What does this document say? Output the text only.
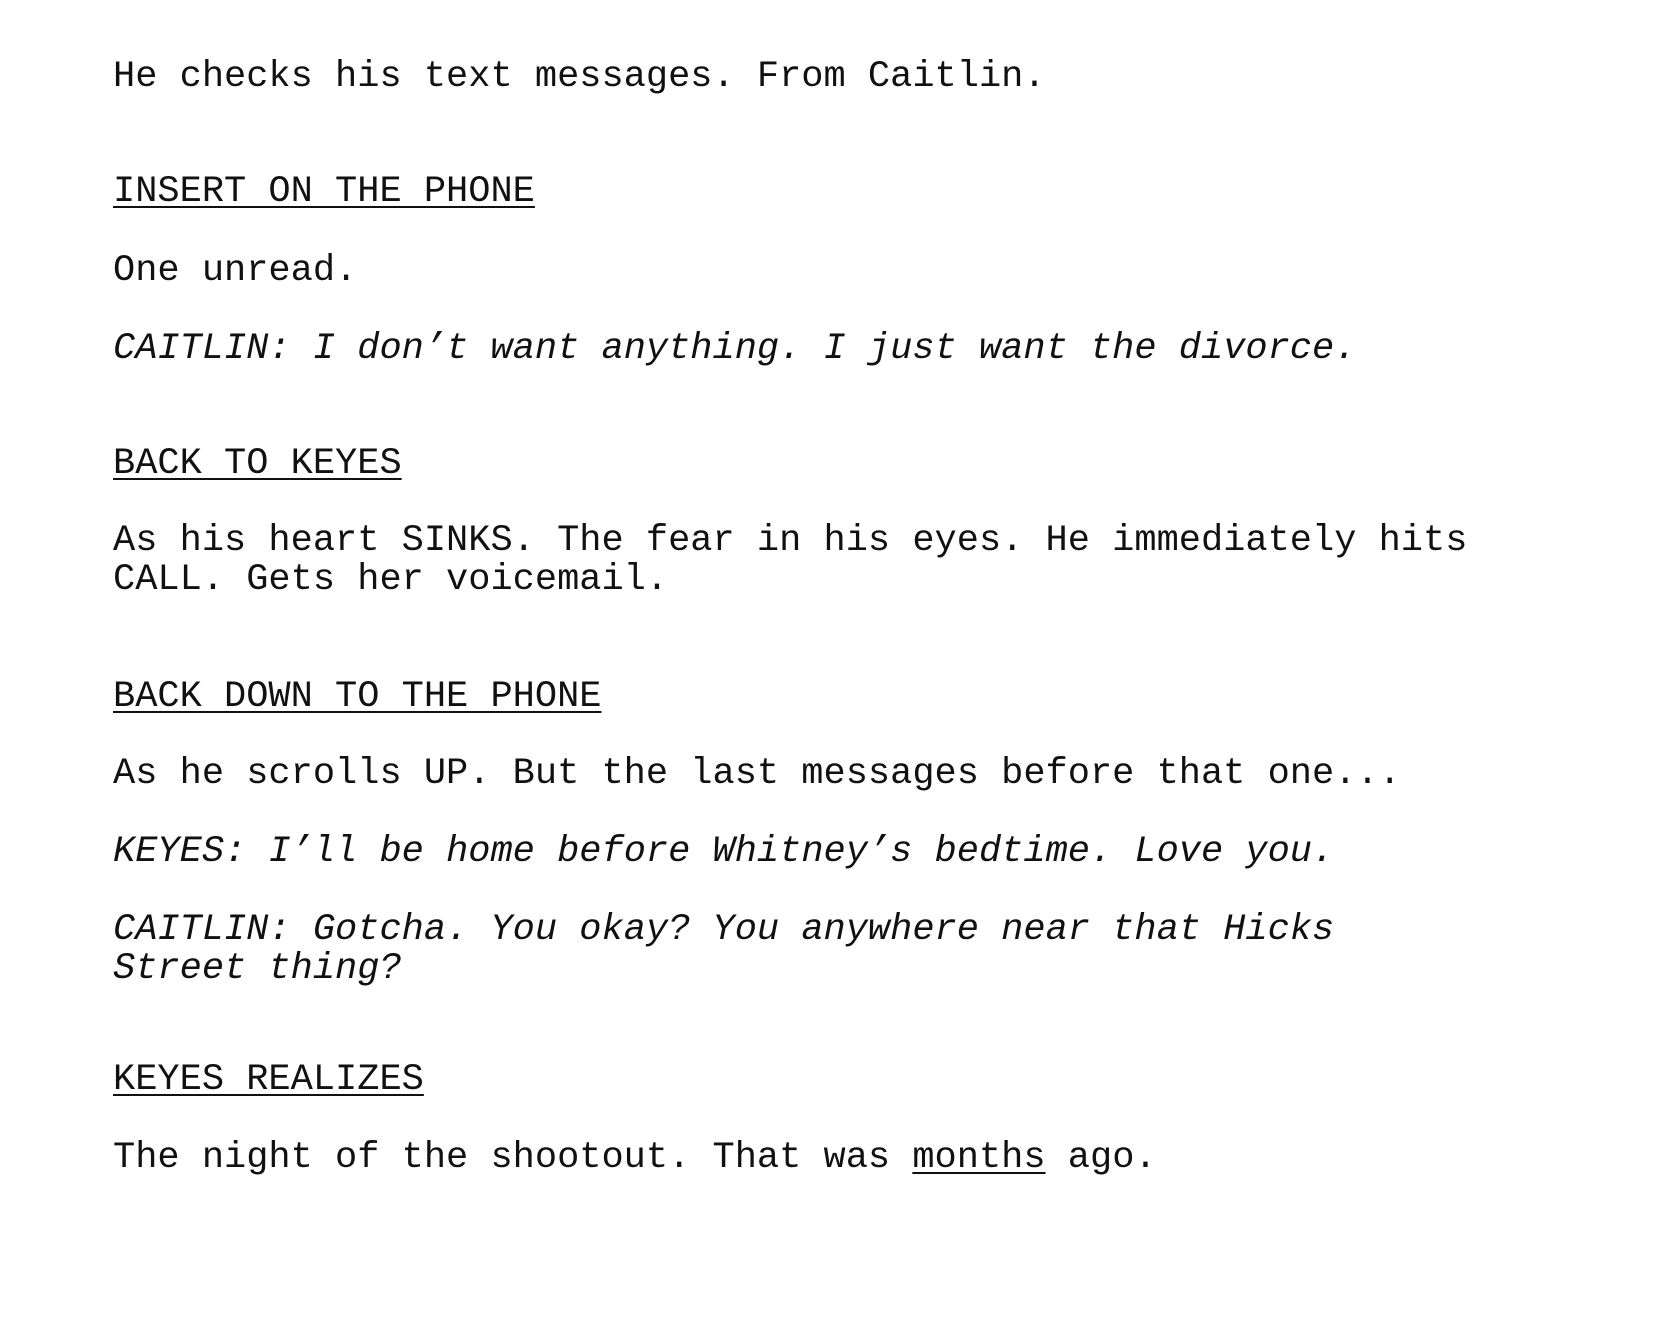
He checks his text messages. From Caitlin.

INSERT ON THE PHONE

One unread.

CAITLIN: I don’t want anything. I just want the divorce.

BACK TO KEYES

As his heart SINKS. The fear in his eyes. He immediately hits

CALL. Gets her voicemail.

BACK DOWN TO THE PHONE

As he scrolls UP. But the last messages before that one...

KEYES: I’ll be home before Whitney’s bedtime. Love you.

CAITLIN: Gotcha. You okay? You anywhere near that Hicks

Street thing?

KEYES REALIZES

The night of the shootout. That was months ago.
